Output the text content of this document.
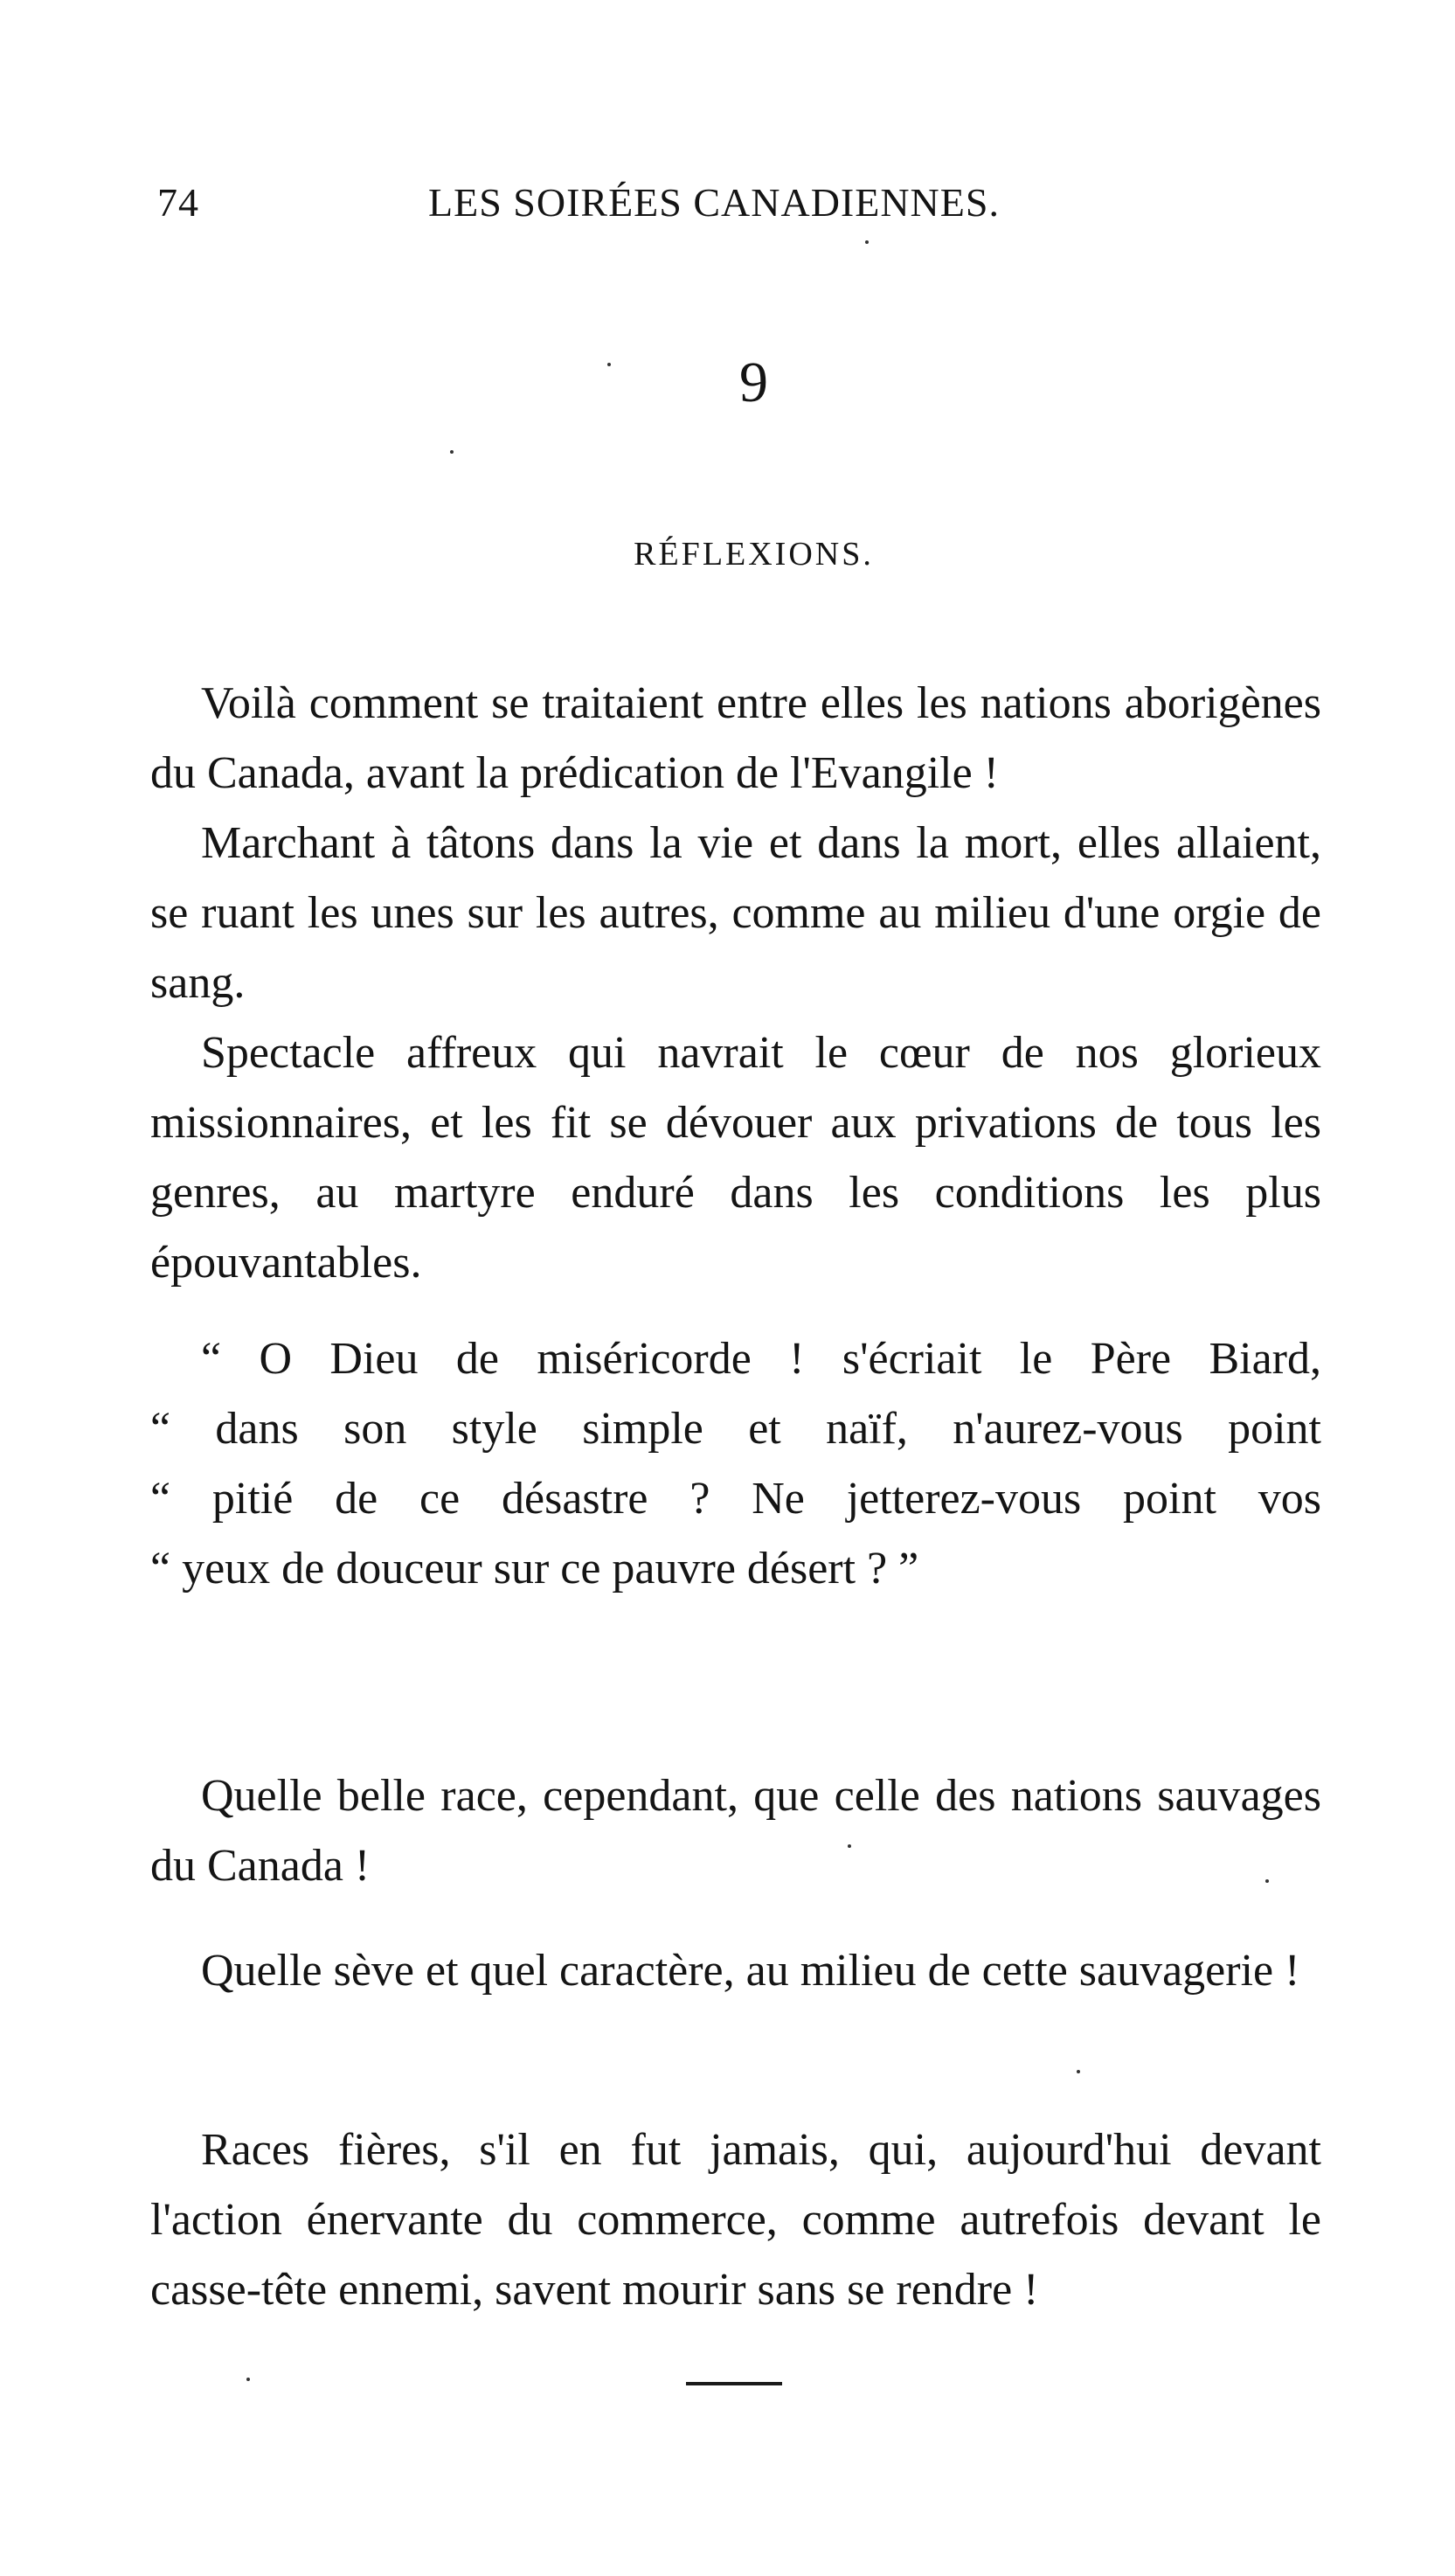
74	LES SOIRÉES CANADIENNES.
9
RÉFLEXIONS.

Voilà comment se traitaient entre elles les nations aborigènes du Canada, avant la prédication de l'Evangile !

Marchant à tâtons dans la vie et dans la mort, elles allaient, se ruant les unes sur les autres, comme au milieu d'une orgie de sang.

Spectacle affreux qui navrait le cœur de nos glorieux missionnaires, et les fit se dévouer aux privations de tous les genres, au martyre enduré dans les conditions les plus épouvantables.

“ O Dieu de miséricorde ! s'écriait le Père Biard,
“ dans son style simple et naïf, n'aurez-vous point
“ pitié de ce désastre ? Ne jetterez-vous point vos
“ yeux de douceur sur ce pauvre désert ? ”

Quelle belle race, cependant, que celle des nations sauvages du Canada !

Quelle sève et quel caractère, au milieu de cette sauvagerie !

Races fières, s'il en fut jamais, qui, aujourd'hui devant l'action énervante du commerce, comme autrefois devant le casse-tête ennemi, savent mourir sans se rendre !
